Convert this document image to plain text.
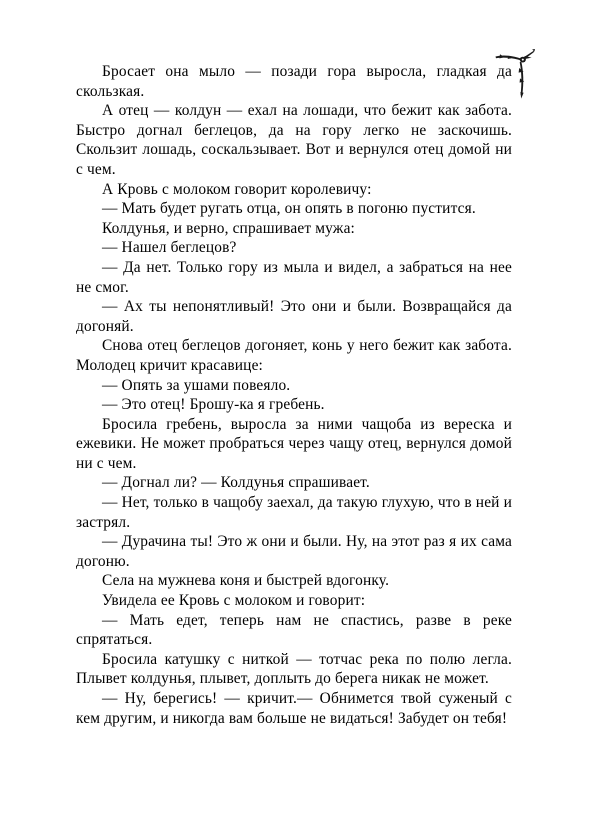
Бросает она мыло — позади гора выросла, гладкая да скользкая.

А отец — колдун — ехал на лошади, что бежит как забота. Быстро догнал беглецов, да на гору легко не заскочишь. Скользит лошадь, соскальзывает. Вот и вернулся отец домой ни с чем.

А Кровь с молоком говорит королевичу:

— Мать будет ругать отца, он опять в погоню пустится.

Колдунья, и верно, спрашивает мужа:

— Нашел беглецов?

— Да нет. Только гору из мыла и видел, а забраться на нее не смог.

— Ах ты непонятливый! Это они и были. Возвращайся да догоняй.

Снова отец беглецов догоняет, конь у него бежит как забота. Молодец кричит красавице:

— Опять за ушами повеяло.

— Это отец! Брошу-ка я гребень.

Бросила гребень, выросла за ними чащоба из вереска и ежевики. Не может пробраться через чащу отец, вернулся домой ни с чем.

— Догнал ли? — Колдунья спрашивает.

— Нет, только в чащобу заехал, да такую глухую, что в ней и застрял.

— Дурачина ты! Это ж они и были. Ну, на этот раз я их сама догоню.

Села на мужнева коня и быстрей вдогонку.

Увидела ее Кровь с молоком и говорит:

— Мать едет, теперь нам не спастись, разве в реке спрятаться.

Бросила катушку с ниткой — тотчас река по полю легла. Плывет колдунья, плывет, доплыть до берега никак не может.

— Ну, берегись! — кричит.— Обнимется твой суженый с кем другим, и никогда вам больше не видаться! Забудет он тебя!
